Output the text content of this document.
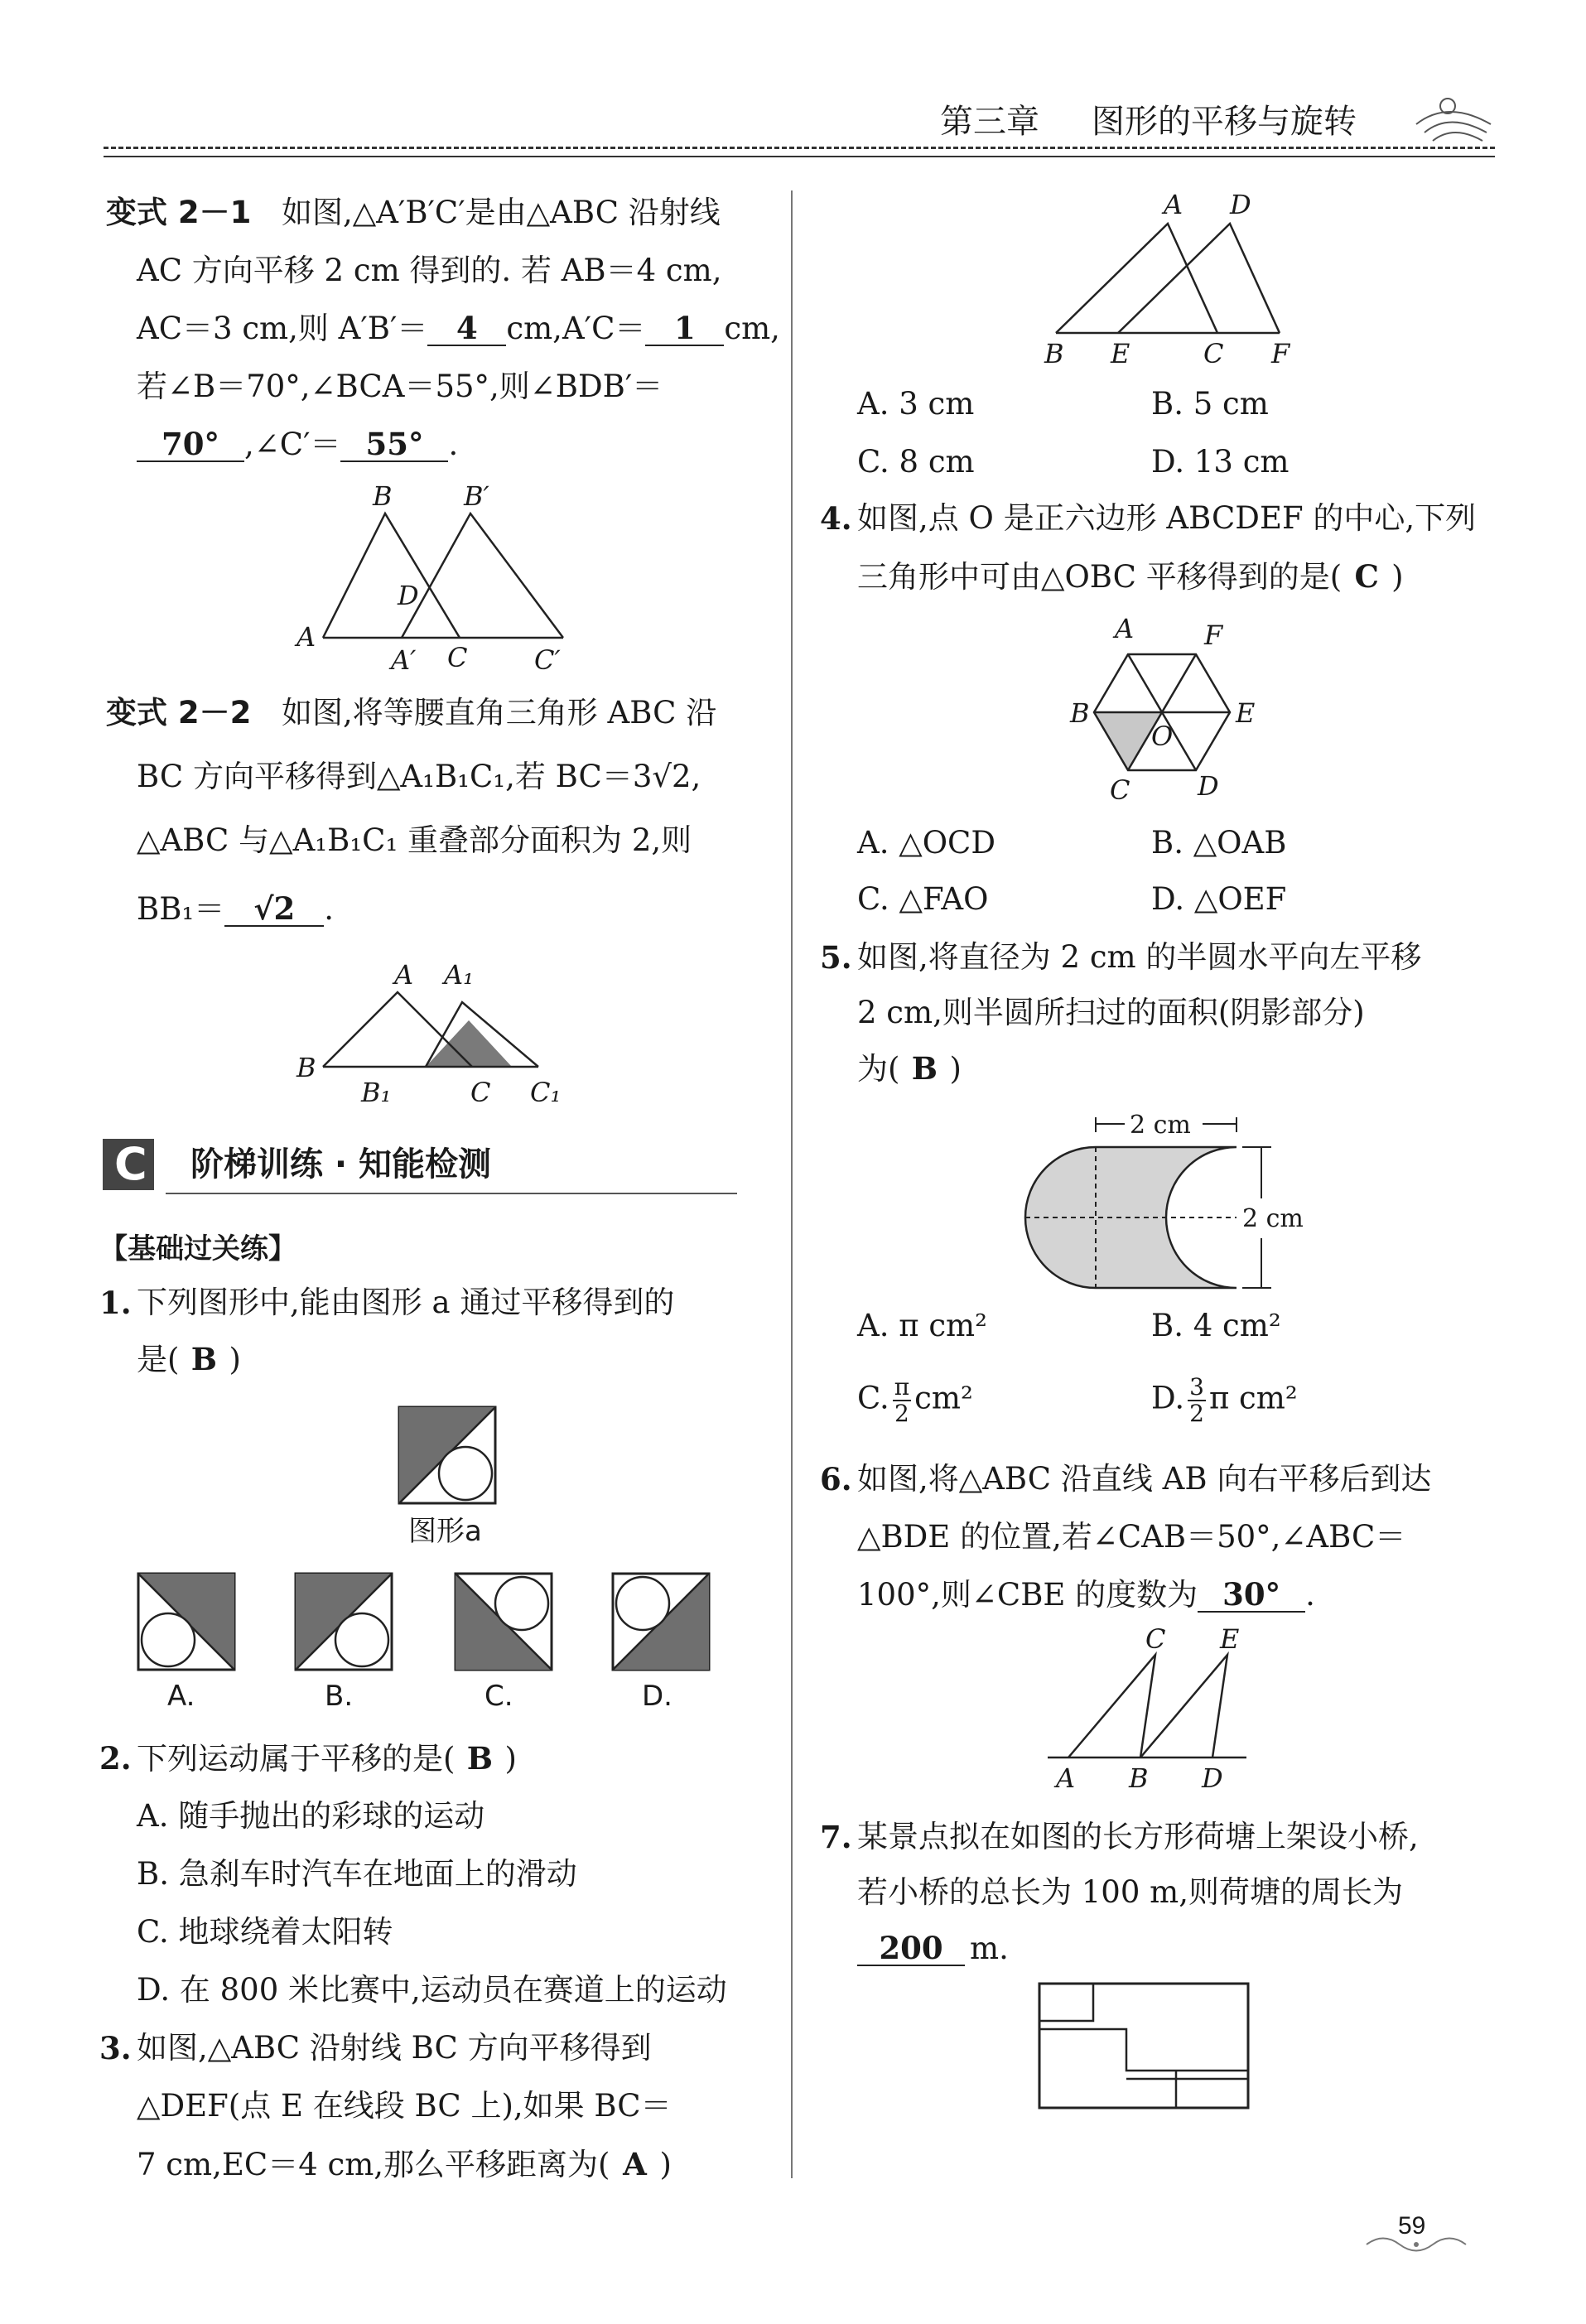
第三章 图形的平移与旋转
变式 2－1 如图,△A′B′C′是由△ABC 沿射线
AC 方向平移 2 cm 得到的. 若 AB＝4 cm,
AC＝3 cm,则 A′B′＝ 4 cm,A′C＝ 1 cm,
若∠B＝70°,∠BCA＝55°,则∠BDB′＝
70° ,∠C′＝ 55° .
B	B′
D
A
A′ C	C′
变式 2－2 如图,将等腰直角三角形 ABC 沿
BC 方向平移得到△A₁B₁C₁,若 BC＝3√2,
△ABC 与△A₁B₁C₁ 重叠部分面积为 2,则
BB₁＝ √2 .
A A₁
B
B₁	C C₁
C 阶梯训练 · 知能检测
【基础过关练】
1. 下列图形中,能由图形 a 通过平移得到的
是( B )
图形a
A.	B.	C.	D.
2. 下列运动属于平移的是( B )
A. 随手抛出的彩球的运动
B. 急刹车时汽车在地面上的滑动
C. 地球绕着太阳转
D. 在 800 米比赛中,运动员在赛道上的运动
3. 如图,△ABC 沿射线 BC 方向平移得到
△DEF(点 E 在线段 BC 上),如果 BC＝
7 cm,EC＝4 cm,那么平移距离为( A )
A D
B E	C F
A. 3 cm	B. 5 cm
C. 8 cm	D. 13 cm
4. 如图,点 O 是正六边形 ABCDEF 的中心,下列
三角形中可由△OBC 平移得到的是( C )
A	F
B
O
E
C	D
A. △OCD	B. △OAB
C. △FAO	D. △OEF
5. 如图,将直径为 2 cm 的半圆水平向左平移
2 cm,则半圆所扫过的面积(阴影部分)
为( B )
2 cm
2 cm
A. π cm²	B. 4 cm²
C. $\frac{\pi}{2} cm^2$	D. $\frac{3}{2}$ π cm²
6. 如图,将△ABC 沿直线 AB 向右平移后到达
△BDE 的位置,若∠CAB＝50°,∠ABC＝
100°,则∠CBE 的度数为 30° .
C E
A B D
7. 某景点拟在如图的长方形荷塘上架设小桥,
若小桥的总长为 100 m,则荷塘的周长为
200 m.
59
